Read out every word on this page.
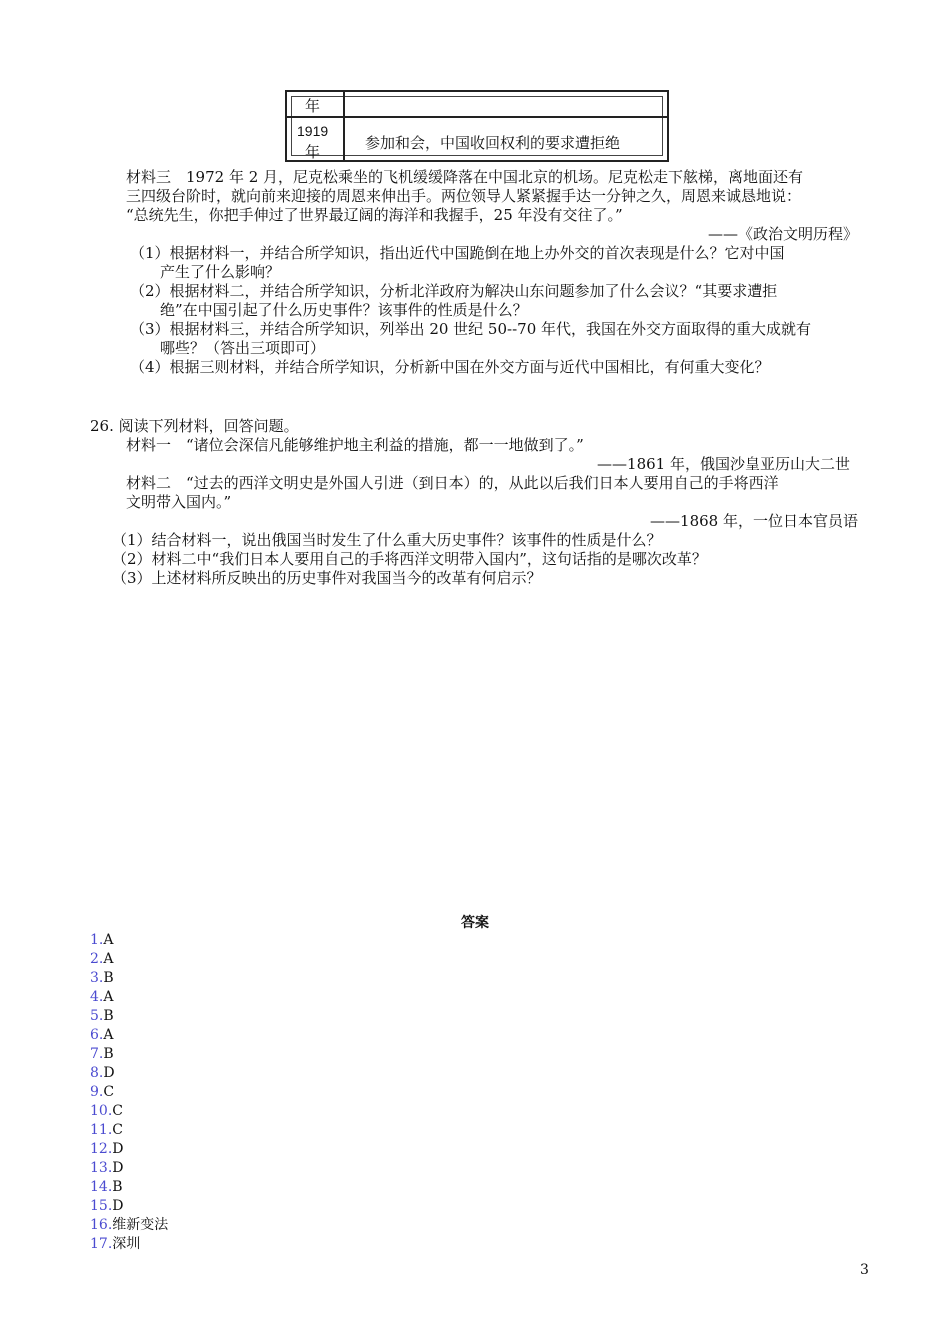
年
1919
年
参加和会，中国收回权利的要求遭拒绝
材料三　1972 年 2 月，尼克松乘坐的飞机缓缓降落在中国北京的机场。尼克松走下舷梯，离地面还有
三四级台阶时，就向前来迎接的周恩来伸出手。两位领导人紧紧握手达一分钟之久，周恩来诚恳地说：
“总统先生，你把手伸过了世界最辽阔的海洋和我握手，25 年没有交往了。”
——《政治文明历程》
（1）根据材料一，并结合所学知识，指出近代中国跪倒在地上办外交的首次表现是什么？它对中国
产生了什么影响？
（2）根据材料二，并结合所学知识，分析北洋政府为解决山东问题参加了什么会议？“其要求遭拒
绝”在中国引起了什么历史事件？该事件的性质是什么？
（3）根据材料三，并结合所学知识，列举出 20 世纪 50--70 年代，我国在外交方面取得的重大成就有
哪些？（答出三项即可）
（4）根据三则材料，并结合所学知识，分析新中国在外交方面与近代中国相比，有何重大变化？
26. 阅读下列材料，回答问题。
材料一　“诸位会深信凡能够维护地主利益的措施，都一一地做到了。”
——1861 年，俄国沙皇亚历山大二世
材料二　“过去的西洋文明史是外国人引进（到日本）的，从此以后我们日本人要用自己的手将西洋
文明带入国内。”
——1868 年，一位日本官员语
（1）结合材料一，说出俄国当时发生了什么重大历史事件？该事件的性质是什么？
（2）材料二中“我们日本人要用自己的手将西洋文明带入国内”，这句话指的是哪次改革？
（3）上述材料所反映出的历史事件对我国当今的改革有何启示？
答案
1.A
2.A
3.B
4.A
5.B
6.A
7.B
8.D
9.C
10.C
11.C
12.D
13.D
14.B
15.D
16.维新变法
17.深圳
3
